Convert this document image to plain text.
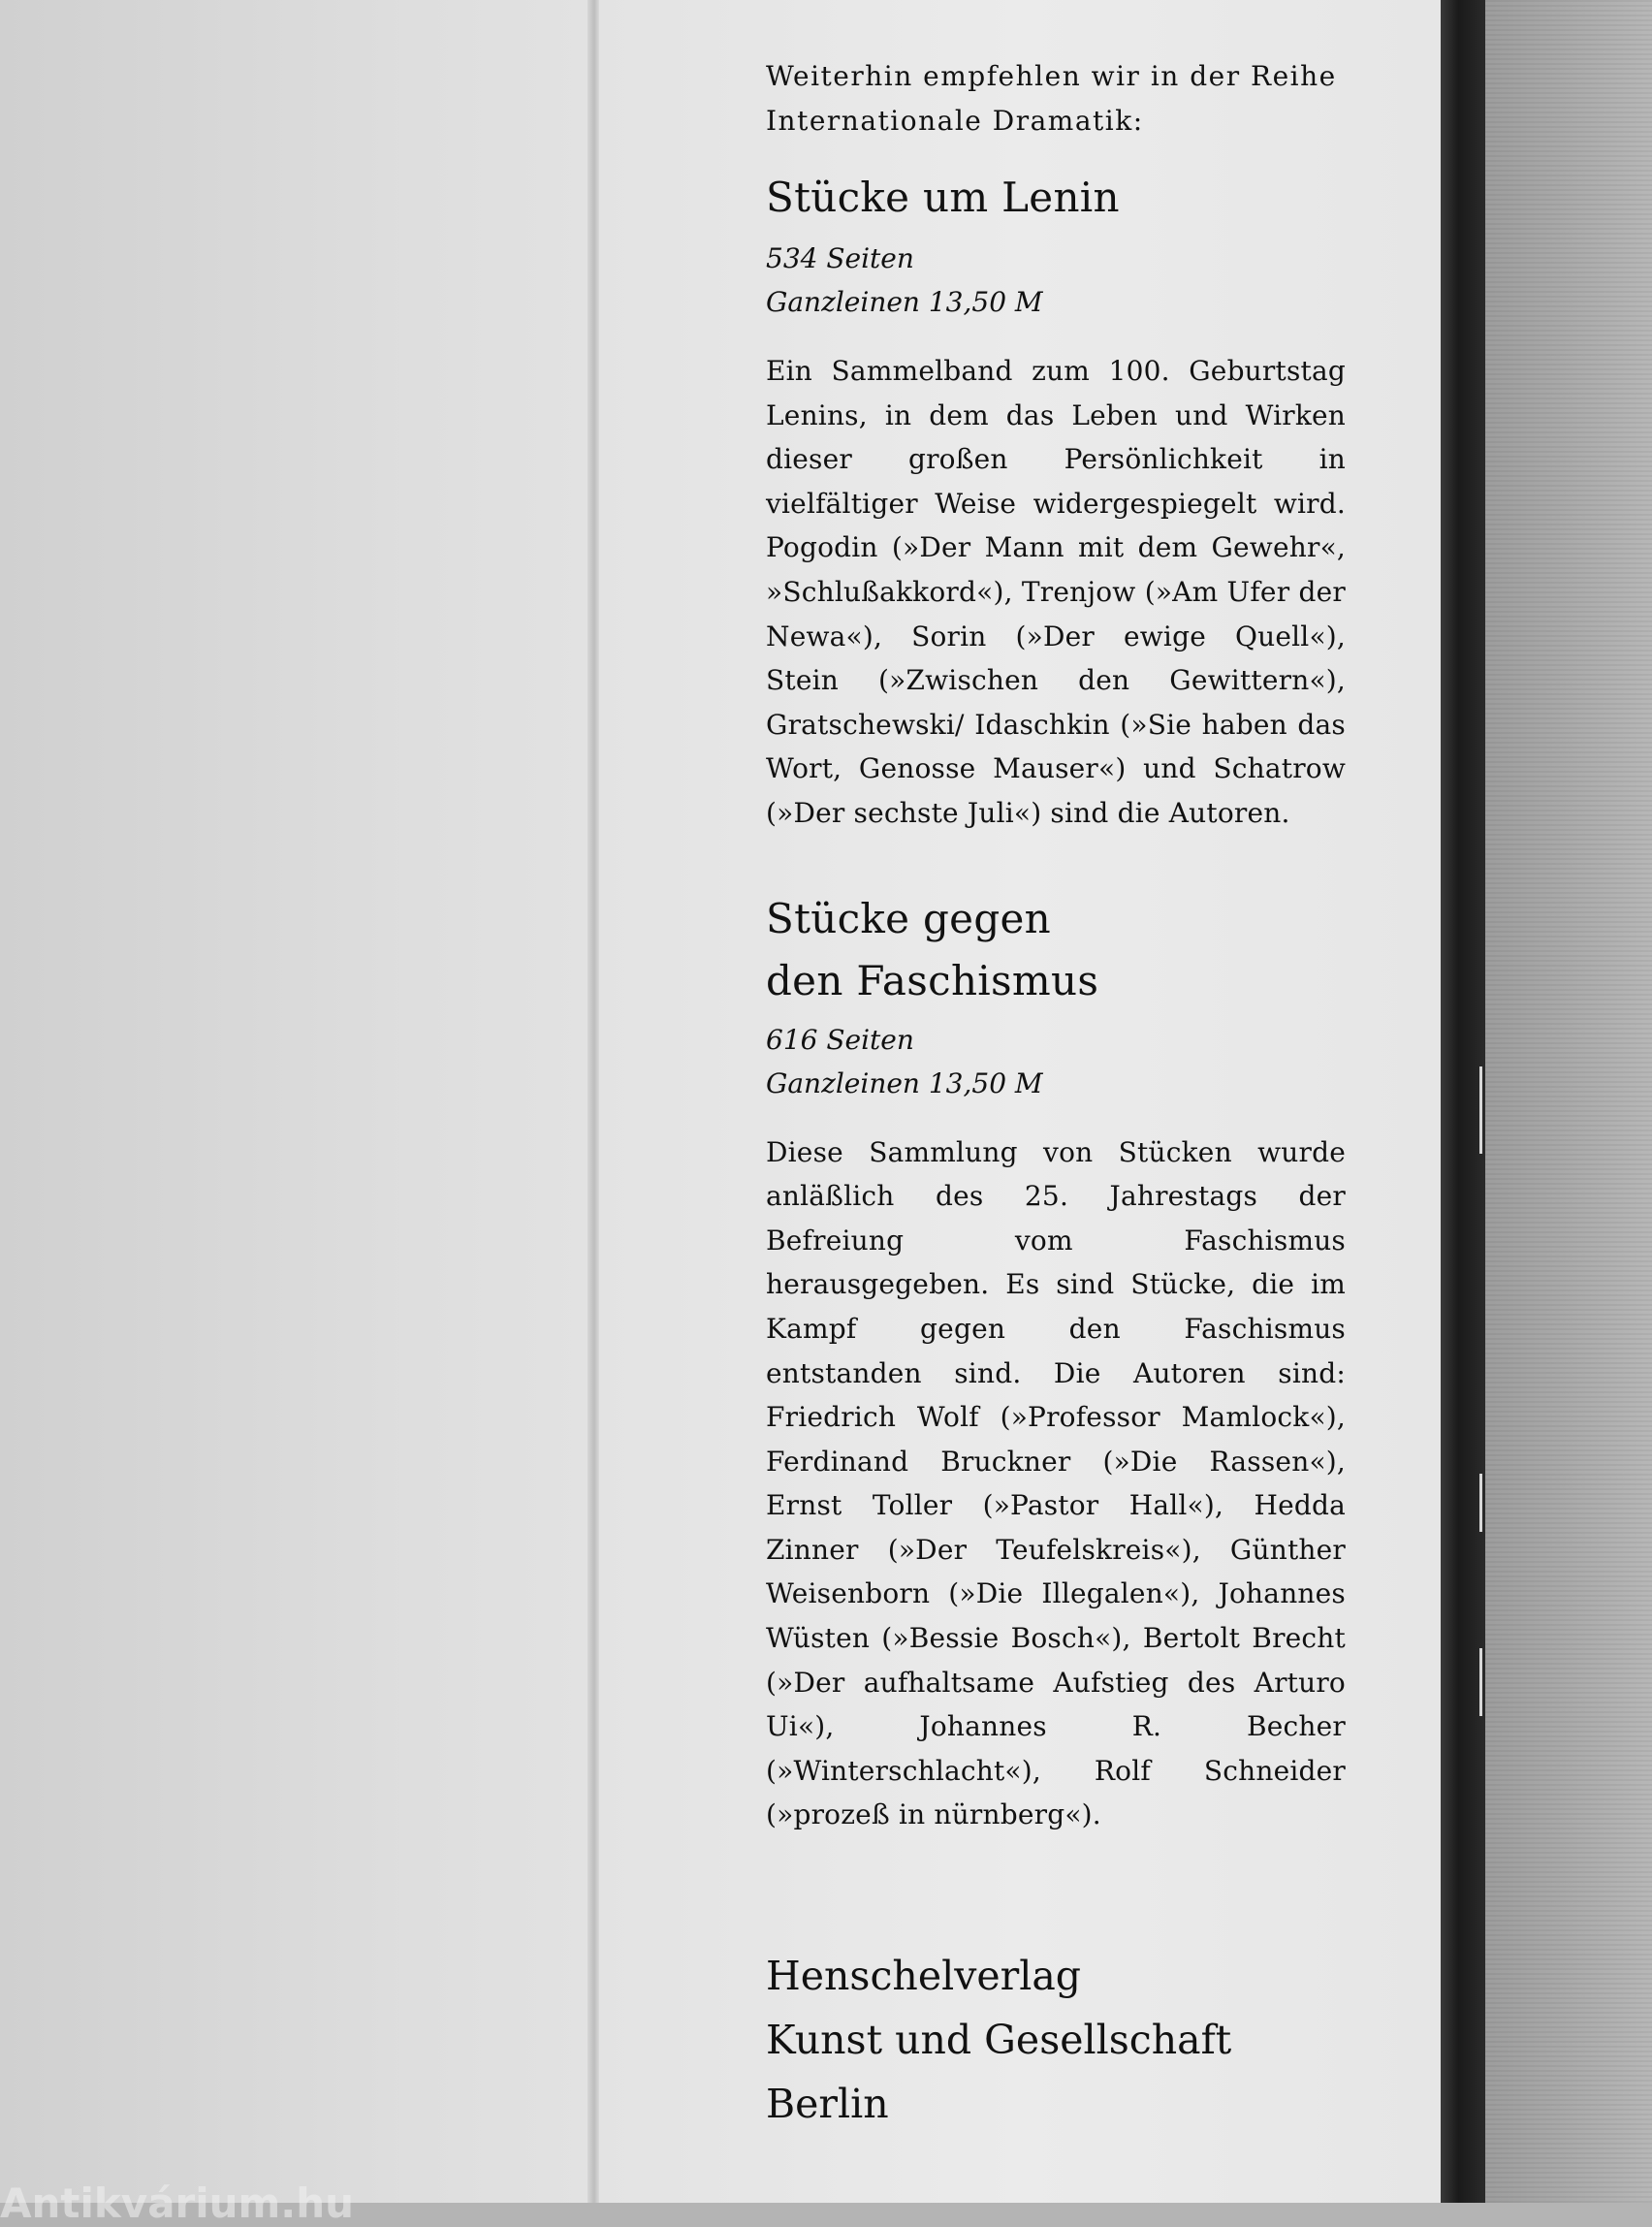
Weiterhin empfehlen wir in der Reihe Internationale Dramatik:

Stücke um Lenin

534 Seiten

Ganzleinen 13,50 M

Ein Sammelband zum 100. Geburtstag Lenins, in dem das Leben und Wirken dieser großen Persönlichkeit in vielfältiger Weise widergespiegelt wird. Pogodin (»Der Mann mit dem Gewehr«, »Schlußakkord«), Trenjow (»Am Ufer der Newa«), Sorin (»Der ewige Quell«), Stein (»Zwischen den Gewittern«), Gratschewski/ Idaschkin (»Sie haben das Wort, Genosse Mauser«) und Schatrow (»Der sechste Juli«) sind die Autoren.

Stücke gegen den Faschismus

616 Seiten

Ganzleinen 13,50 M

Diese Sammlung von Stücken wurde anläßlich des 25. Jahrestags der Befreiung vom Faschismus herausgegeben. Es sind Stücke, die im Kampf gegen den Faschismus entstanden sind. Die Autoren sind: Friedrich Wolf (»Professor Mamlock«), Ferdinand Bruckner (»Die Rassen«), Ernst Toller (»Pastor Hall«), Hedda Zinner (»Der Teufelskreis«), Günther Weisenborn (»Die Illegalen«), Johannes Wüsten (»Bessie Bosch«), Bertolt Brecht (»Der aufhaltsame Aufstieg des Arturo Ui«), Johannes R. Becher (»Winterschlacht«), Rolf Schneider (»prozeß in nürnberg«).

Henschelverlag

Kunst und Gesellschaft

Berlin

Antikvárium.hu
